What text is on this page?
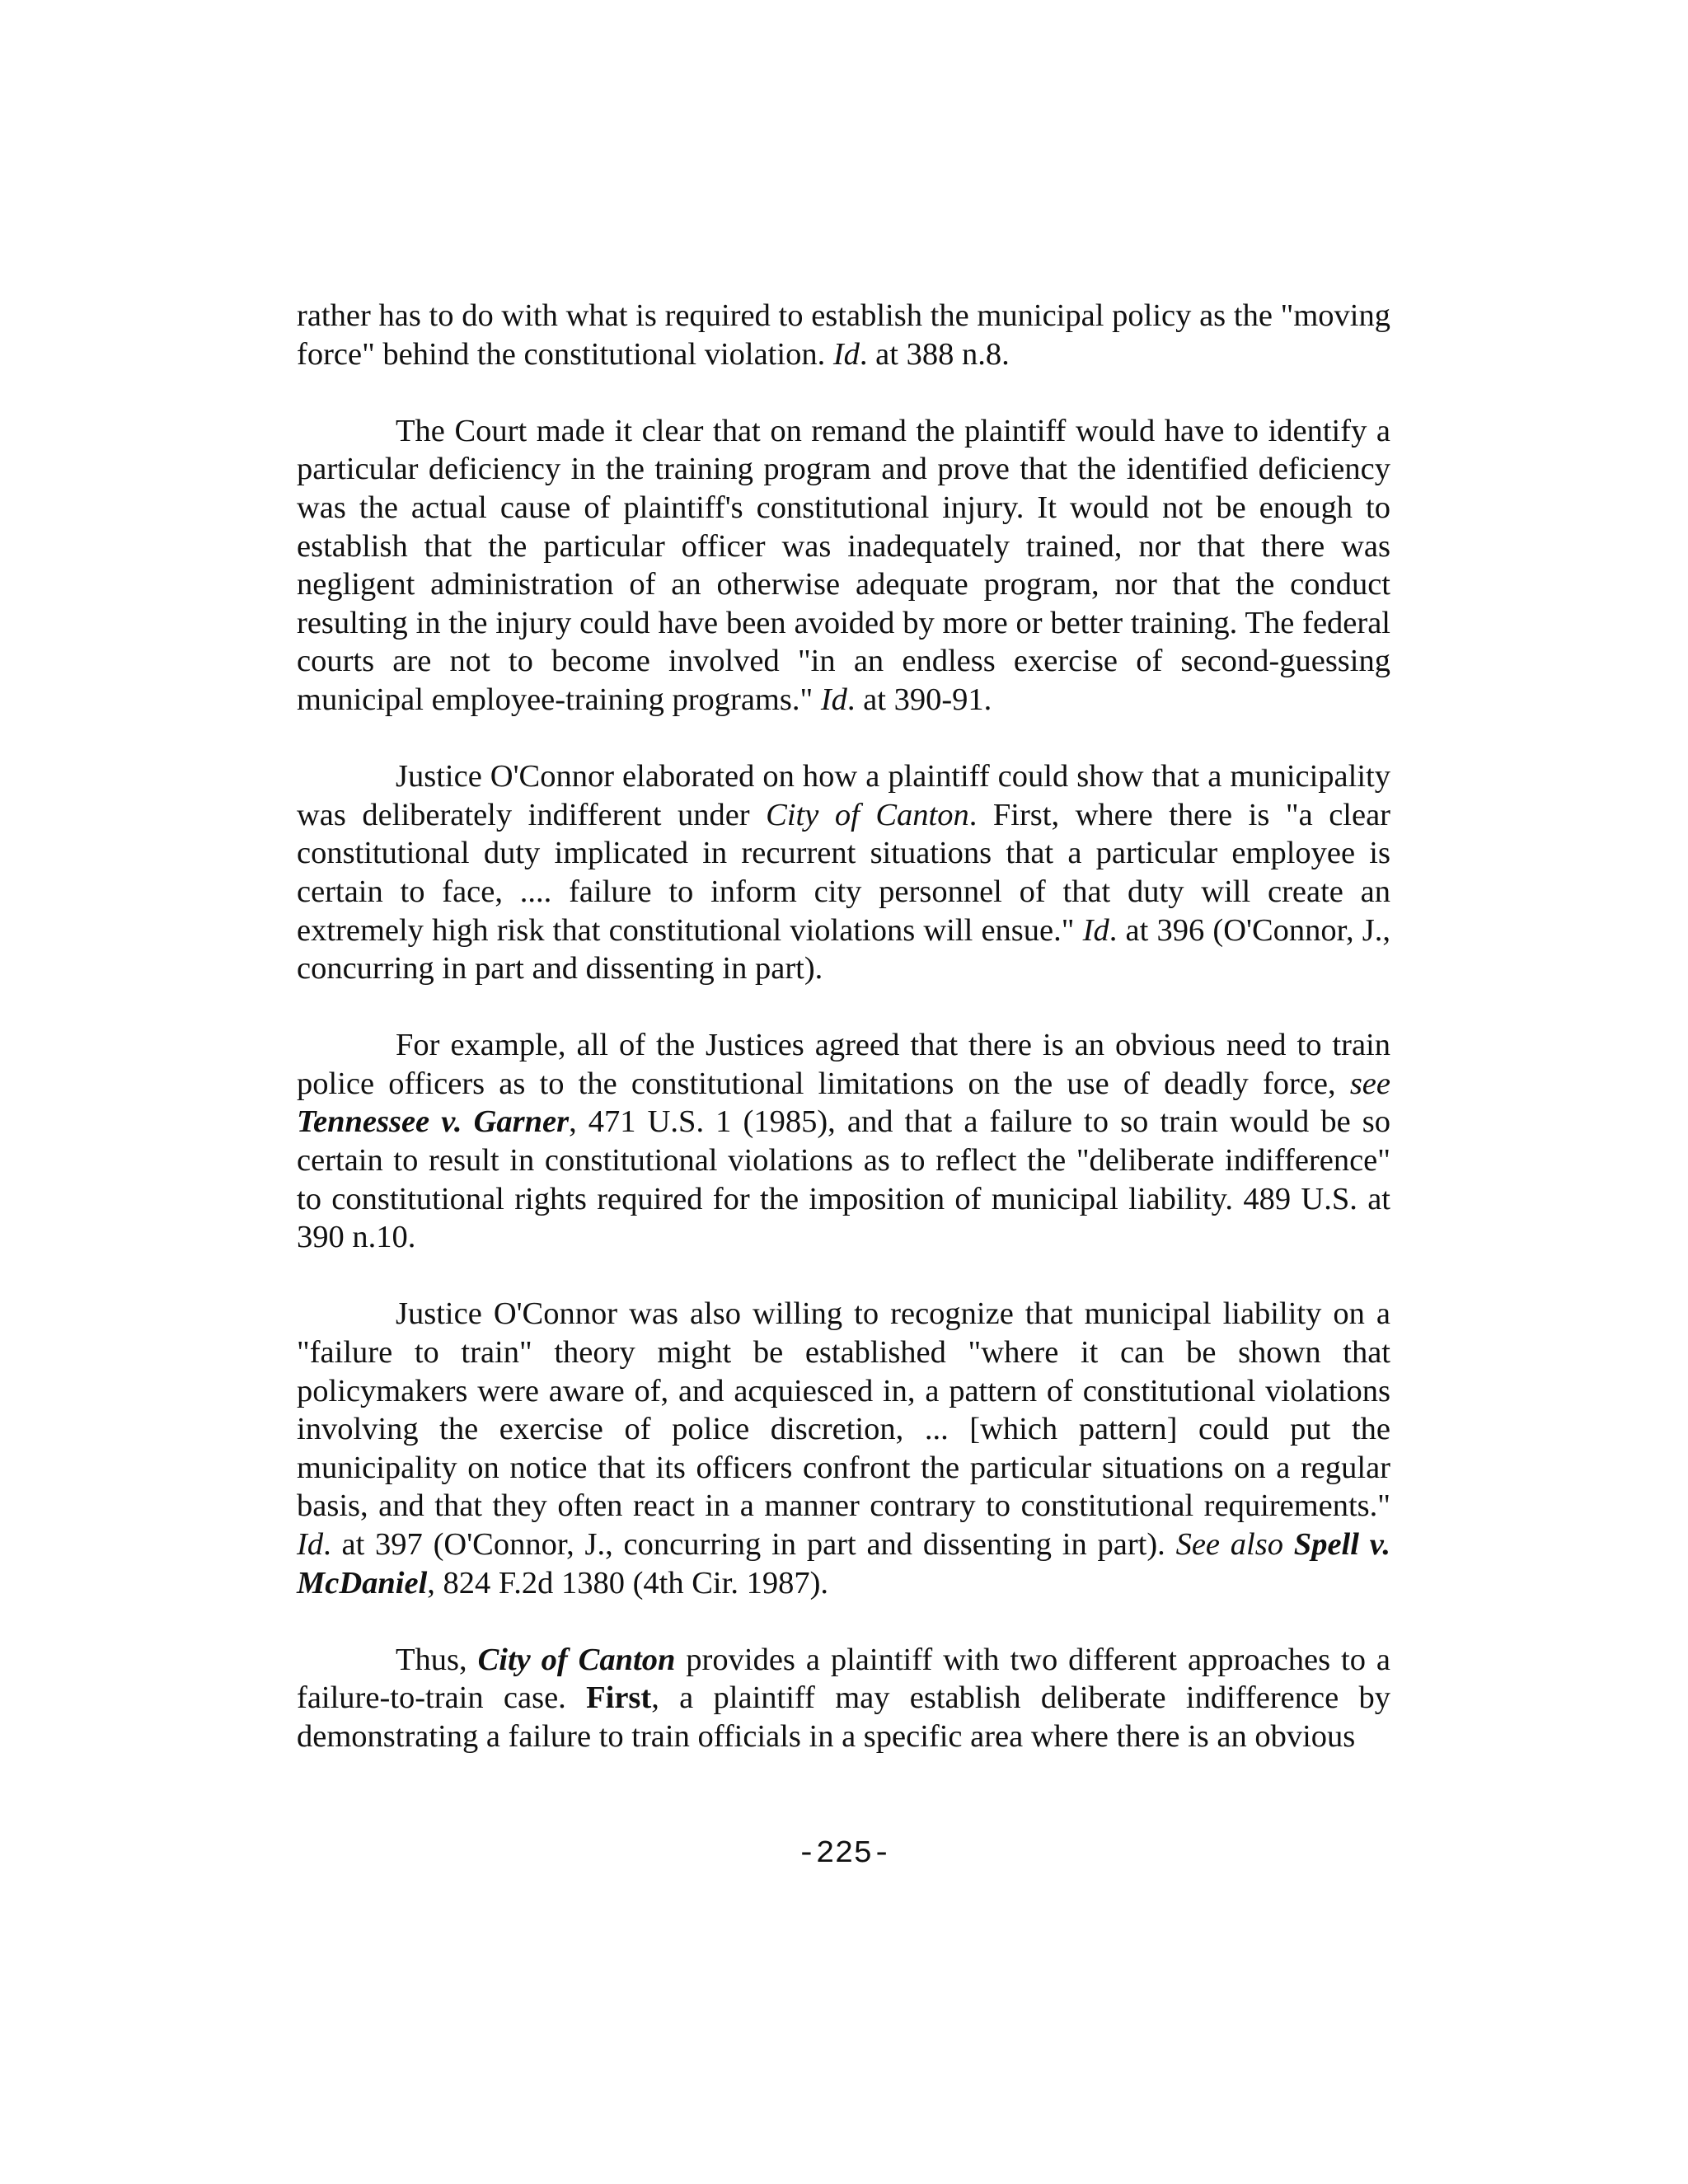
rather has to do with what is required to establish the municipal policy as the "moving force" behind the constitutional violation. Id. at 388 n.8.

The Court made it clear that on remand the plaintiff would have to identify a particular deficiency in the training program and prove that the identified deficiency was the actual cause of plaintiff's constitutional injury. It would not be enough to establish that the particular officer was inadequately trained, nor that there was negligent administration of an otherwise adequate program, nor that the conduct resulting in the injury could have been avoided by more or better training. The federal courts are not to become involved "in an endless exercise of second-guessing municipal employee-training programs." Id. at 390-91.

Justice O'Connor elaborated on how a plaintiff could show that a municipality was deliberately indifferent under City of Canton. First, where there is "a clear constitutional duty implicated in recurrent situations that a particular employee is certain to face, .... failure to inform city personnel of that duty will create an extremely high risk that constitutional violations will ensue." Id. at 396 (O'Connor, J., concurring in part and dissenting in part).

For example, all of the Justices agreed that there is an obvious need to train police officers as to the constitutional limitations on the use of deadly force, see Tennessee v. Garner, 471 U.S. 1 (1985), and that a failure to so train would be so certain to result in constitutional violations as to reflect the "deliberate indifference" to constitutional rights required for the imposition of municipal liability. 489 U.S. at 390 n.10.

Justice O'Connor was also willing to recognize that municipal liability on a "failure to train" theory might be established "where it can be shown that policymakers were aware of, and acquiesced in, a pattern of constitutional violations involving the exercise of police discretion, ... [which pattern] could put the municipality on notice that its officers confront the particular situations on a regular basis, and that they often react in a manner contrary to constitutional requirements." Id. at 397 (O'Connor, J., concurring in part and dissenting in part). See also Spell v. McDaniel, 824 F.2d 1380 (4th Cir. 1987).

Thus, City of Canton provides a plaintiff with two different approaches to a failure-to-train case. First, a plaintiff may establish deliberate indifference by demonstrating a failure to train officials in a specific area where there is an obvious

-225-
